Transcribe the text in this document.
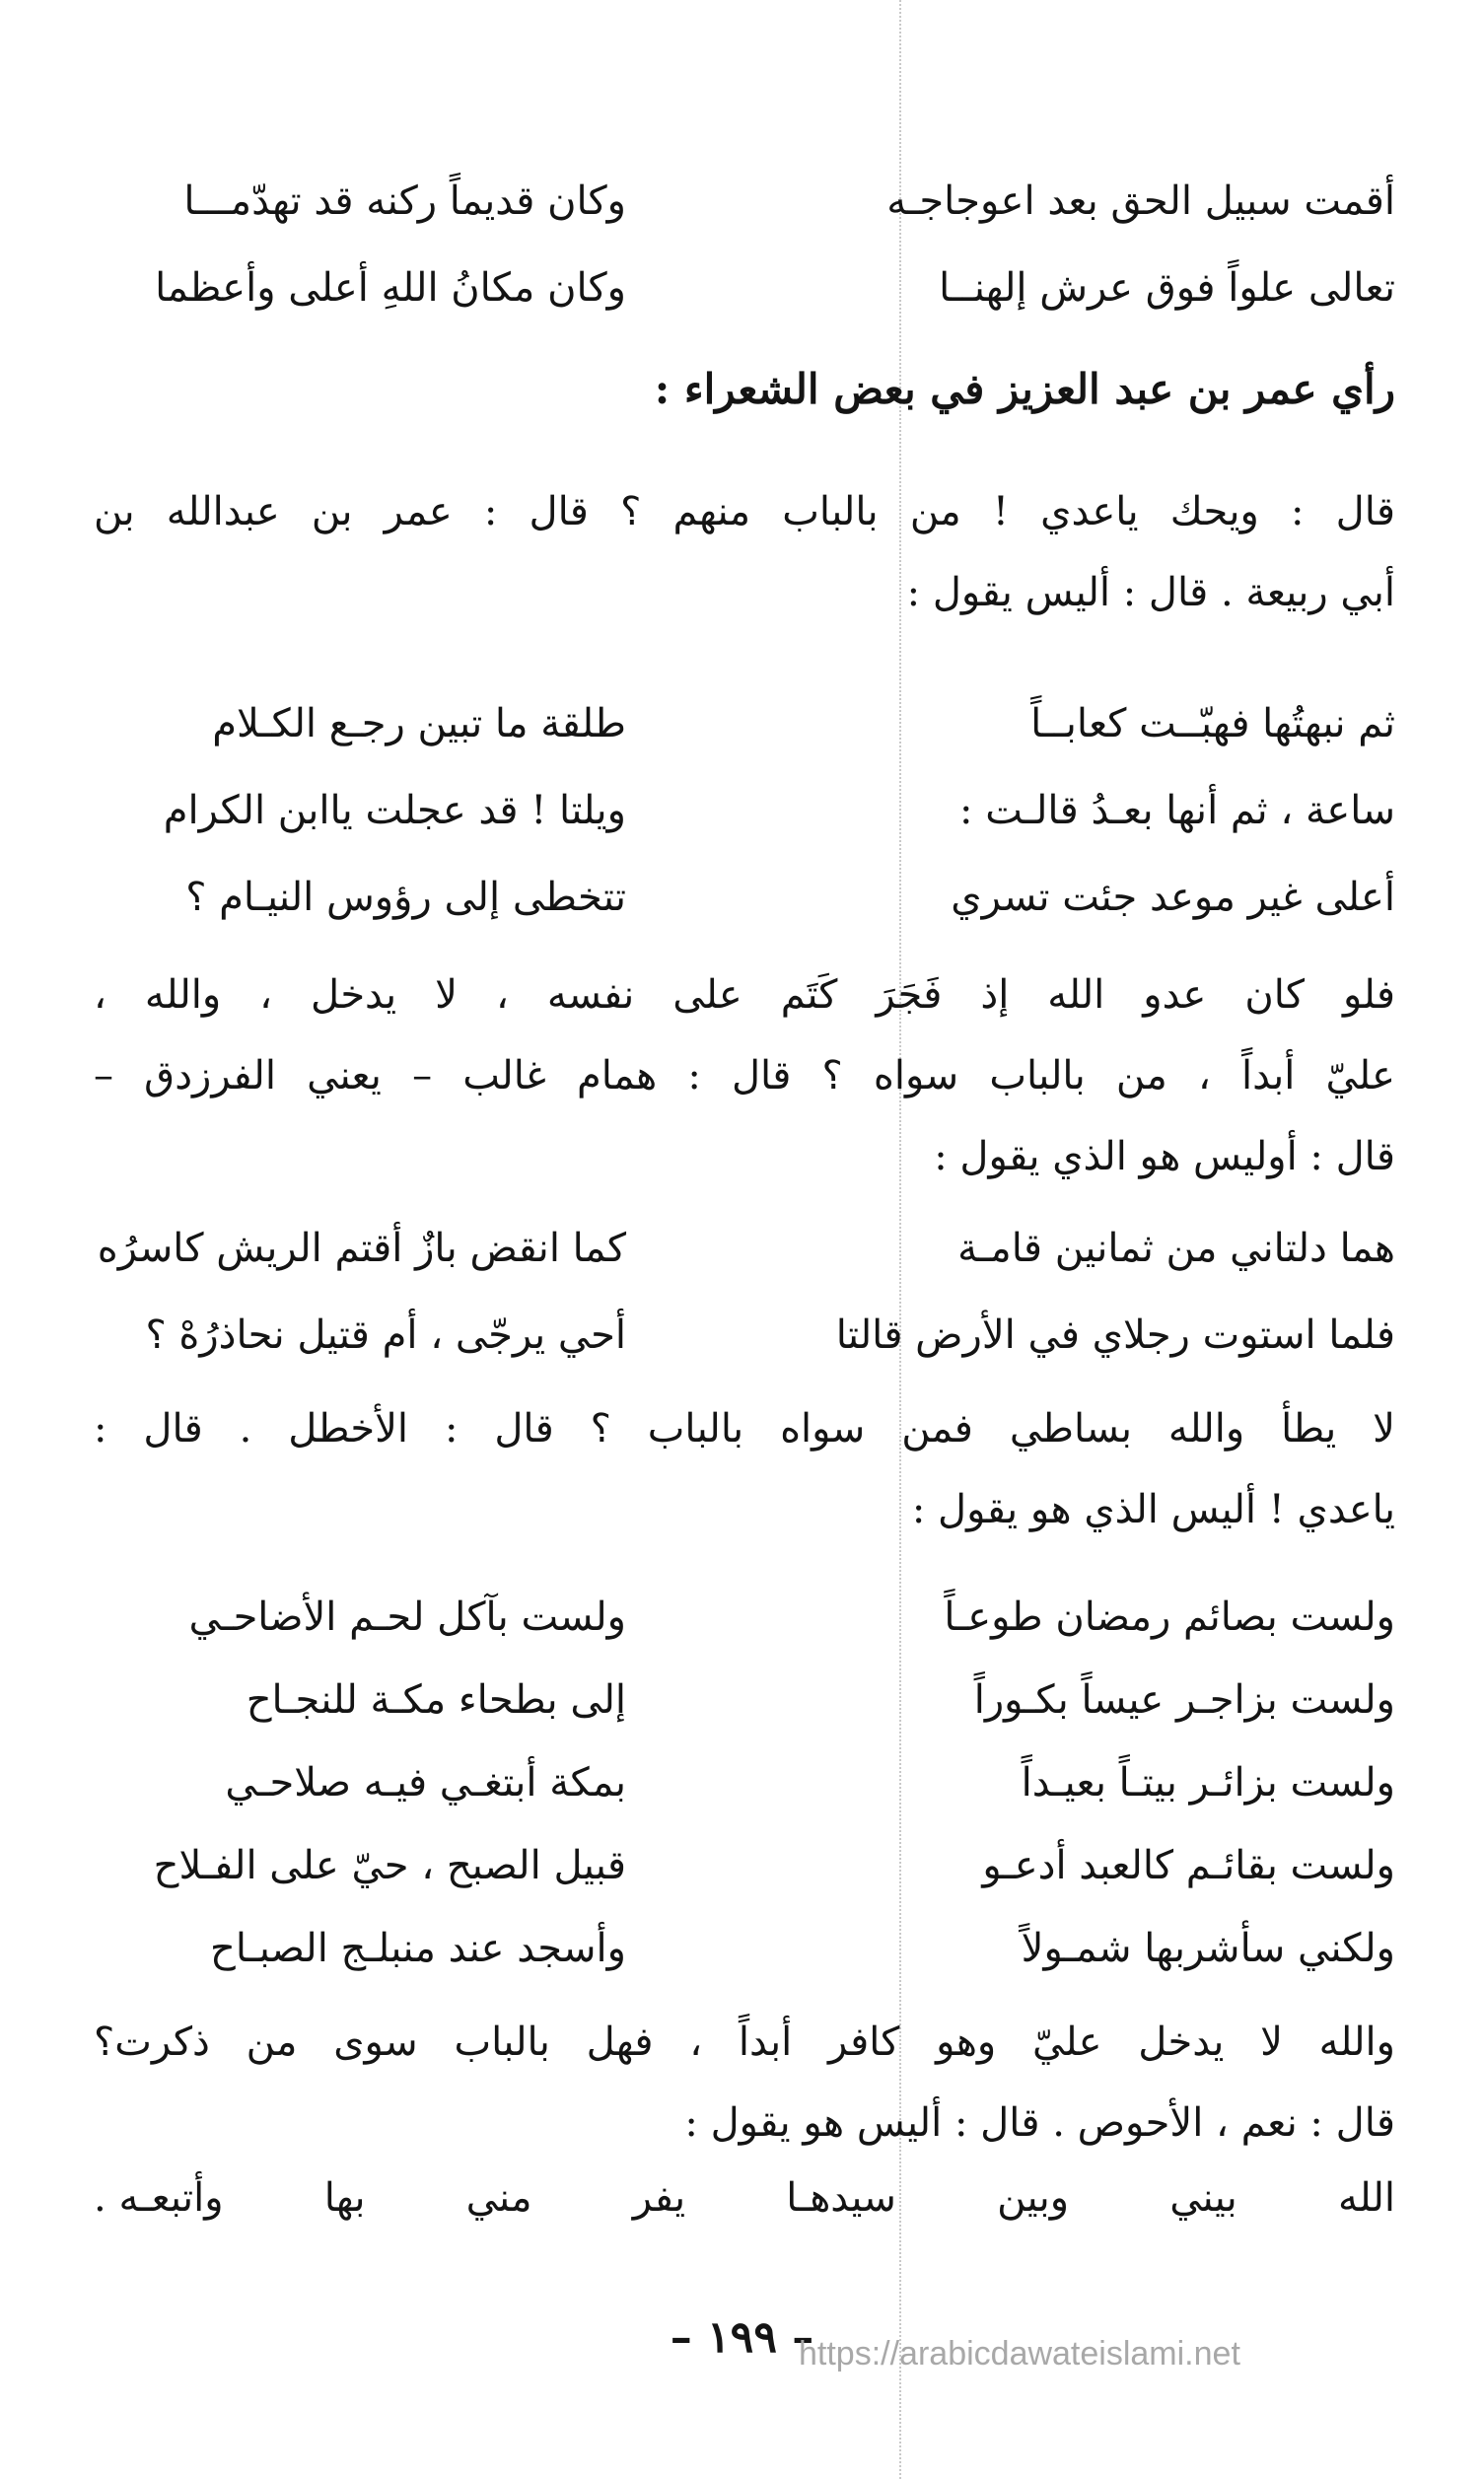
أقمت سبيل الحق بعد اعوجاجـه
وكان قديماً ركنه قد تهدّمـــا
تعالى علواً فوق عرش إلهنــا
وكان مكانُ اللهِ أعلى وأعظما
رأي عمر بن عبد العزيز في بعض الشعراء :
قال : ويحك ياعدي ! من بالباب منهم ؟ قال : عمر بن عبدالله بن
أبي ربيعة . قال : أليس يقول :
ثم نبهتُها فهبّــت كعابــاً
طلقة ما تبين رجـع الكـلام
ساعة ، ثم أنها بعـدُ قالـت :
ويلتا ! قد عجلت ياابن الكرام
أعلى غير موعد جئت تسري
تتخطى إلى رؤوس النيـام ؟
فلو كان عدو الله إذ فَجَرَ كَتَم على نفسه ، لا يدخل ، والله ،
عليّ أبداً ، من بالباب سواه ؟ قال : همام غالب – يعني الفرزدق –
قال : أوليس هو الذي يقول :
هما دلتاني من ثمانين قامـة
كما انقض بازٌ أقتم الريش كاسرُه
فلما استوت رجلاي في الأرض قالتا
أحي يرجّى ، أم قتيل نحاذرُهْ ؟
لا يطأ والله بساطي فمن سواه بالباب ؟ قال : الأخطل . قال :
ياعدي ! أليس الذي هو يقول :
ولست بصائم رمضان طوعـاً
ولست بآكل لحـم الأضاحـي
ولست بزاجـر عيساً بكـوراً
إلى بطحاء مكـة للنجـاح
ولست بزائـر بيتـاً بعيـداً
بمكة أبتغـي فيـه صلاحـي
ولست بقائـم كالعبد أدعـو
قبيل الصبح ، حيّ على الفـلاح
ولكني سأشربها شمـولاً
وأسجد عند منبلـج الصبـاح
والله لا يدخل عليّ وهو كافر أبداً ، فهل بالباب سوى من ذكرت؟
قال : نعم ، الأحوص . قال : أليس هو يقول :
الله
بيني
وبين
سيدهـا
يفر
مني
بها
وأتبعـه .
– ١٩٩ –
https://arabicdawateislami.net
